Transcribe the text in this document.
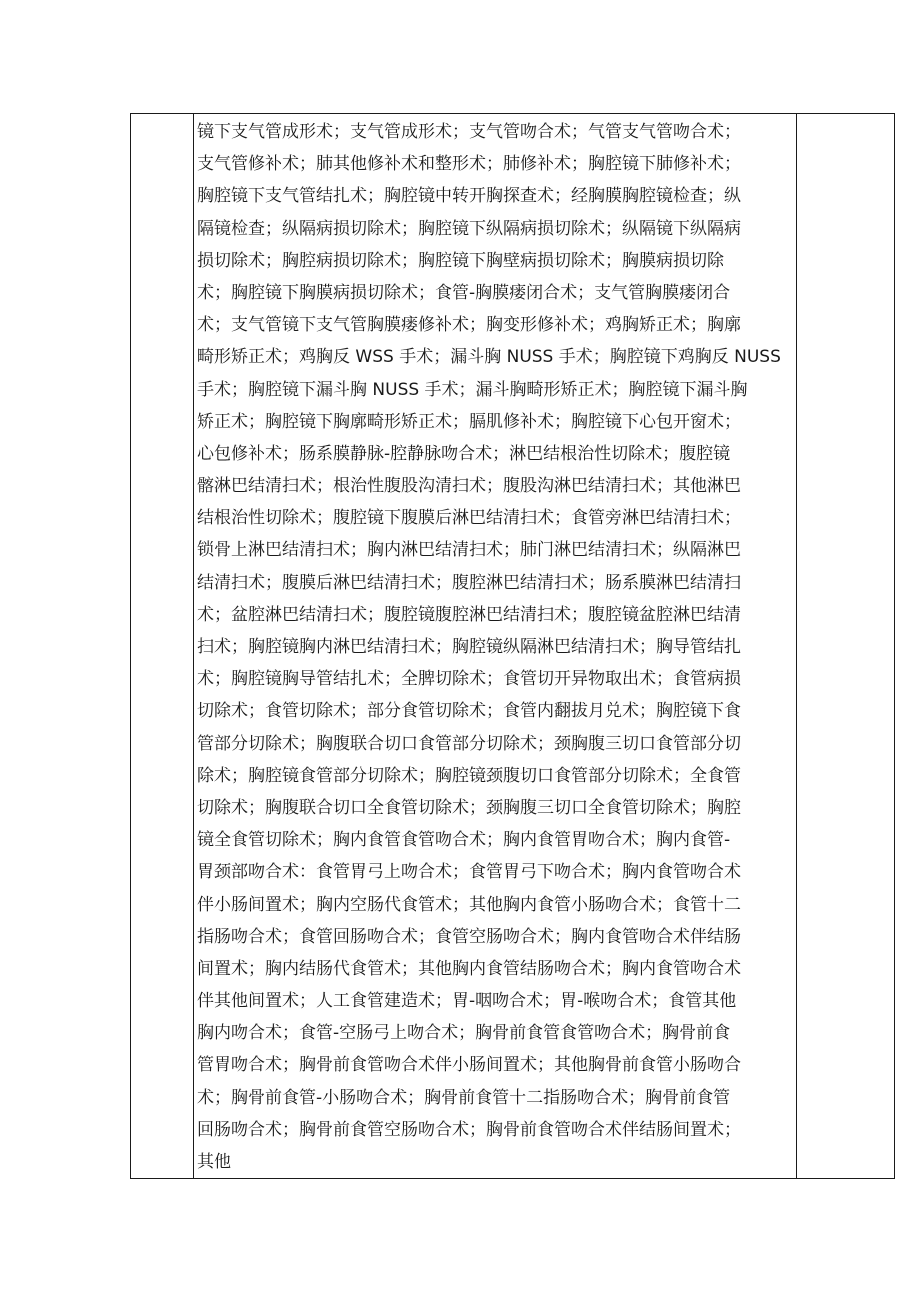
镜下支气管成形术；支气管成形术；支气管吻合术；气管支气管吻合术；
支气管修补术；肺其他修补术和整形术；肺修补术；胸腔镜下肺修补术；
胸腔镜下支气管结扎术；胸腔镜中转开胸探查术；经胸膜胸腔镜检查；纵
隔镜检查；纵隔病损切除术；胸腔镜下纵隔病损切除术；纵隔镜下纵隔病
损切除术；胸腔病损切除术；胸腔镜下胸壁病损切除术；胸膜病损切除
术；胸腔镜下胸膜病损切除术；食管-胸膜瘘闭合术；支气管胸膜瘘闭合
术；支气管镜下支气管胸膜瘘修补术；胸变形修补术；鸡胸矫正术；胸廓
畸形矫正术；鸡胸反 WSS 手术；漏斗胸 NUSS 手术；胸腔镜下鸡胸反 NUSS
手术；胸腔镜下漏斗胸 NUSS 手术；漏斗胸畸形矫正术；胸腔镜下漏斗胸
矫正术；胸腔镜下胸廓畸形矫正术；膈肌修补术；胸腔镜下心包开窗术；
心包修补术；肠系膜静脉-腔静脉吻合术；淋巴结根治性切除术；腹腔镜
髂淋巴结清扫术；根治性腹股沟清扫术；腹股沟淋巴结清扫术；其他淋巴
结根治性切除术；腹腔镜下腹膜后淋巴结清扫术；食管旁淋巴结清扫术；
锁骨上淋巴结清扫术；胸内淋巴结清扫术；肺门淋巴结清扫术；纵隔淋巴
结清扫术；腹膜后淋巴结清扫术；腹腔淋巴结清扫术；肠系膜淋巴结清扫
术；盆腔淋巴结清扫术；腹腔镜腹腔淋巴结清扫术；腹腔镜盆腔淋巴结清
扫术；胸腔镜胸内淋巴结清扫术；胸腔镜纵隔淋巴结清扫术；胸导管结扎
术；胸腔镜胸导管结扎术；全脾切除术；食管切开异物取出术；食管病损
切除术；食管切除术；部分食管切除术；食管内翻拔月兑术；胸腔镜下食
管部分切除术；胸腹联合切口食管部分切除术；颈胸腹三切口食管部分切
除术；胸腔镜食管部分切除术；胸腔镜颈腹切口食管部分切除术；全食管
切除术；胸腹联合切口全食管切除术；颈胸腹三切口全食管切除术；胸腔
镜全食管切除术；胸内食管食管吻合术；胸内食管胃吻合术；胸内食管-
胃颈部吻合术：食管胃弓上吻合术；食管胃弓下吻合术；胸内食管吻合术
伴小肠间置术；胸内空肠代食管术；其他胸内食管小肠吻合术；食管十二
指肠吻合术；食管回肠吻合术；食管空肠吻合术；胸内食管吻合术伴结肠
间置术；胸内结肠代食管术；其他胸内食管结肠吻合术；胸内食管吻合术
伴其他间置术；人工食管建造术；胃-咽吻合术；胃-喉吻合术；食管其他
胸内吻合术；食管-空肠弓上吻合术；胸骨前食管食管吻合术；胸骨前食
管胃吻合术；胸骨前食管吻合术伴小肠间置术；其他胸骨前食管小肠吻合
术；胸骨前食管-小肠吻合术；胸骨前食管十二指肠吻合术；胸骨前食管
回肠吻合术；胸骨前食管空肠吻合术；胸骨前食管吻合术伴结肠间置术；
其他
